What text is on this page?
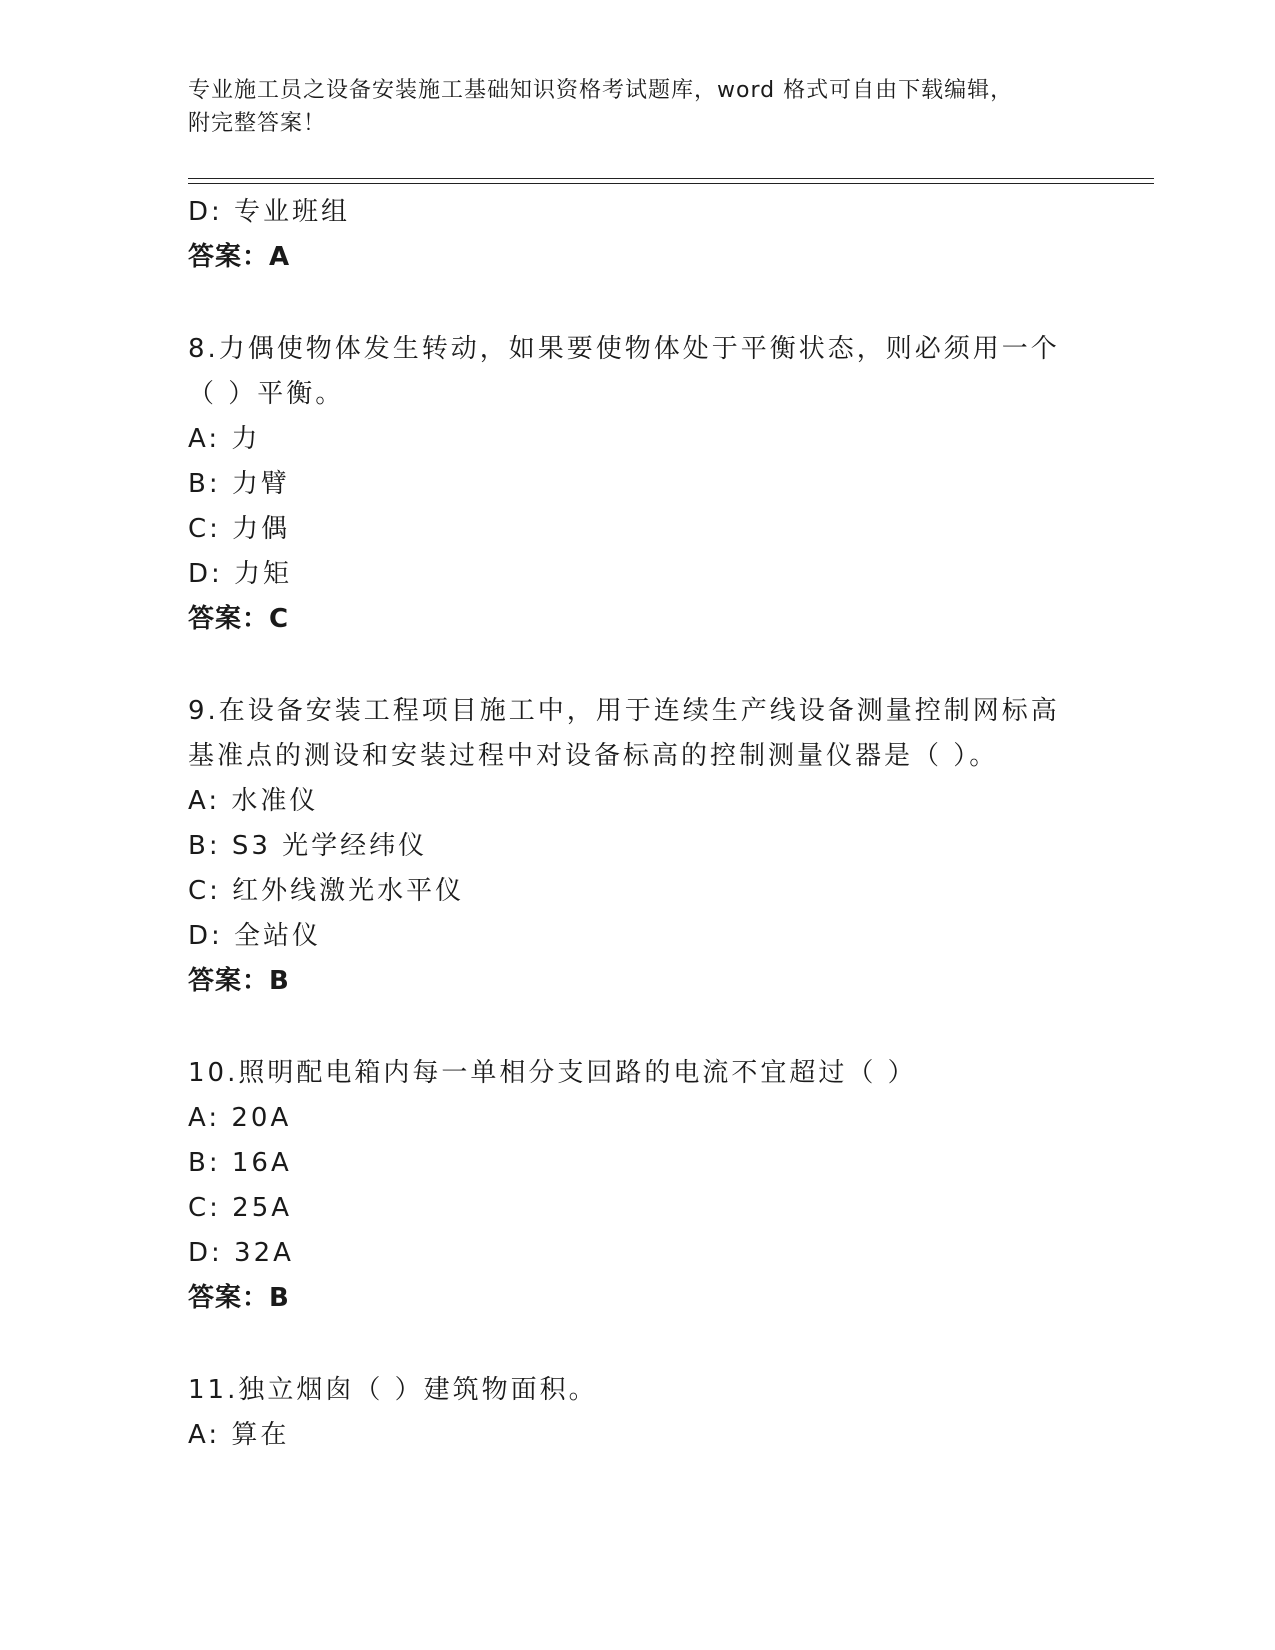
专业施工员之设备安装施工基础知识资格考试题库，word 格式可自由下载编辑，
附完整答案！
D: 专业班组
答案：A
8.力偶使物体发生转动，如果要使物体处于平衡状态，则必须用一个（ ）平衡。
A: 力
B: 力臂
C: 力偶
D: 力矩
答案：C
9.在设备安装工程项目施工中，用于连续生产线设备测量控制网标高基准点的测设和安装过程中对设备标高的控制测量仪器是（ ）。
A: 水准仪
B: S3 光学经纬仪
C: 红外线激光水平仪
D: 全站仪
答案：B
10.照明配电箱内每一单相分支回路的电流不宜超过（ ）
A: 20A
B: 16A
C: 25A
D: 32A
答案：B
11.独立烟囱（ ）建筑物面积。
A: 算在
